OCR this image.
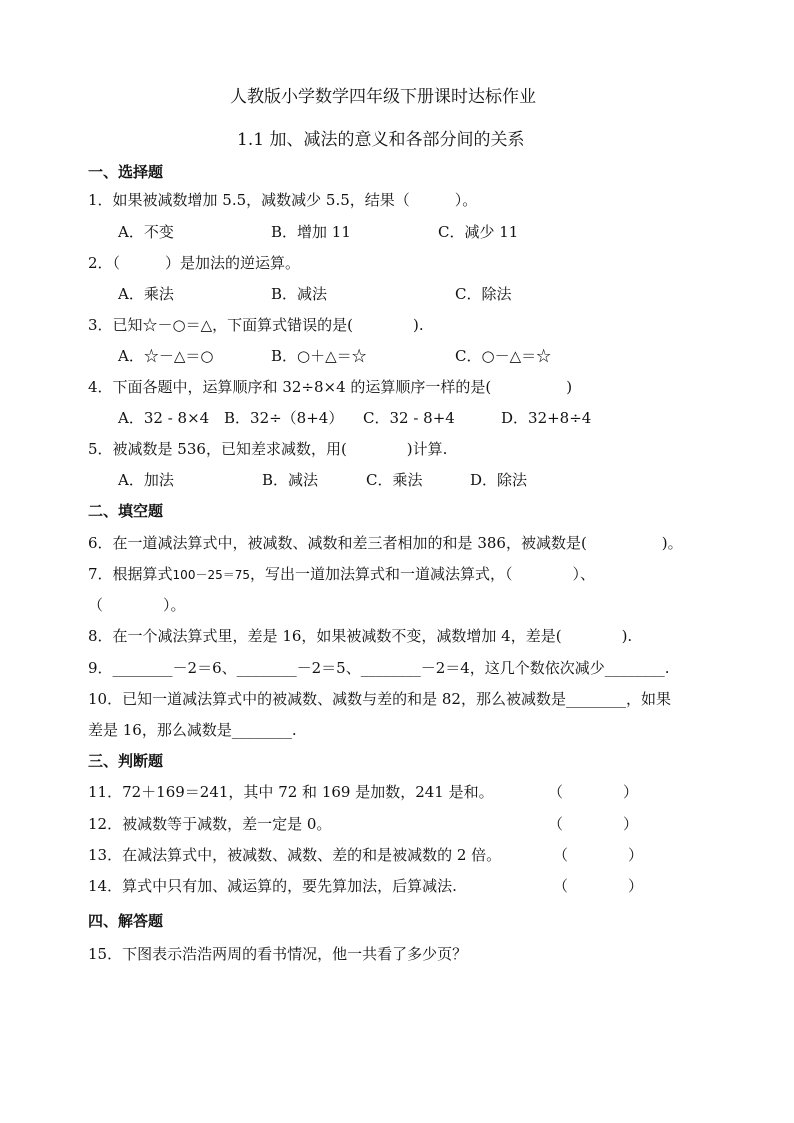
人教版小学数学四年级下册课时达标作业
1.1 加、减法的意义和各部分间的关系
一、选择题
1．如果被减数增加 5.5，减数减少 5.5，结果（　　　）。
A．不变	B．增加 11	C．减少 11
2．（　　　）是加法的逆运算。
A．乘法	B．减法	C．除法
3．已知☆－○＝△，下面算式错误的是(　　　　).
A．☆－△＝○	B．○＋△＝☆	C．○－△＝☆
4．下面各题中，运算顺序和 32÷8×4 的运算顺序一样的是(　　　　　)
A．32 - 8×4 B．32÷（8+4） C．32 - 8+4	D．32+8÷4
5．被减数是 536，已知差求减数，用(　　　　)计算.
A．加法	B．减法	C．乘法	D．除法
二、填空题
6．在一道减法算式中，被减数、减数和差三者相加的和是 386，被减数是(　　　　　)。
7．根据算式100－25＝75，写出一道加法算式和一道减法算式，（　　　　）、
（　　　　）。
8．在一个减法算式里，差是 16，如果被减数不变，减数增加 4，差是(　　　　).
9．________－2＝6、________－2＝5、________－2＝4，这几个数依次减少________.
10．已知一道减法算式中的被减数、减数与差的和是 82，那么被减数是________，如果
差是 16，那么减数是________.
三、判断题
11．72＋169＝241，其中 72 和 169 是加数，241 是和。	（　　　　）
12．被减数等于减数，差一定是 0。	（　　　　）
13．在减法算式中，被减数、减数、差的和是被减数的 2 倍。	（　　　　）
14．算式中只有加、减运算的，要先算加法，后算减法.	（　　　　）
四、解答题
15．下图表示浩浩两周的看书情况，他一共看了多少页？
